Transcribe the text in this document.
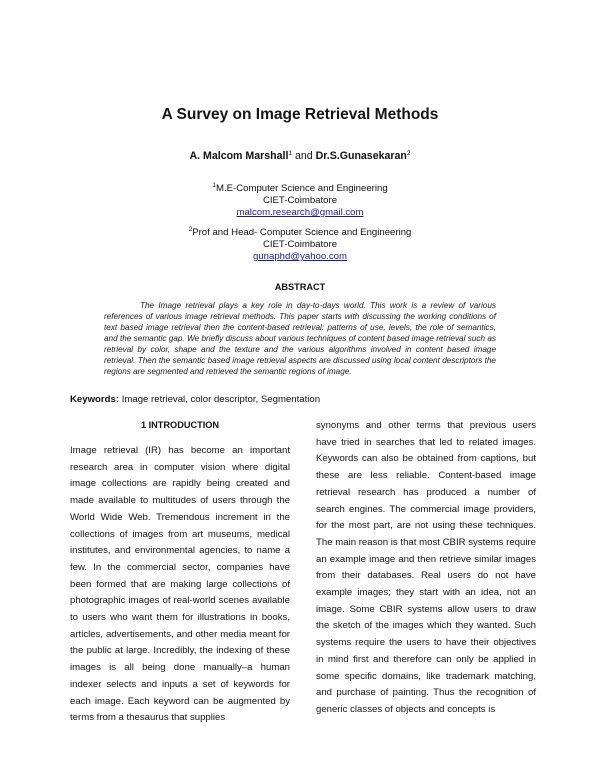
A Survey on Image Retrieval Methods
A. Malcom Marshall$^1$ and Dr.S.Gunasekaran$^2$
$^1$M.E-Computer Science and Engineering
CIET-Coimbatore
malcom.research@gmail.com
$^2$Prof and Head- Computer Science and Engineering
CIET-Coimbatore
gunaphd@yahoo.com
ABSTRACT
The Image retrieval plays a key role in day-to-days world. This work is a review of various references of various image retrieval methods. This paper starts with discussing the working conditions of text based image retrieval then the content-based retrieval: patterns of use, levels, the role of semantics, and the semantic gap. We briefly discuss about various techniques of content based image retrieval such as retrieval by color, shape and the texture and the various algorithms involved in content based image retrieval. Then the semantic based image retrieval aspects are discussed using local content descriptors the regions are segmented and retrieved the semantic regions of image.
Keywords: Image retrieval, color descriptor, Segmentation
1 INTRODUCTION

Image retrieval (IR) has become an important research area in computer vision where digital image collections are rapidly being created and made available to multitudes of users through the World Wide Web. Tremendous increment in the collections of images from art museums, medical institutes, and environmental agencies, to name a few. In the commercial sector, companies have been formed that are making large collections of photographic images of real-world scenes available to users who want them for illustrations in books, articles, advertisements, and other media meant for the public at large. Incredibly, the indexing of these images is all being done manually–a human indexer selects and inputs a set of keywords for each image. Each keyword can be augmented by terms from a thesaurus that supplies

synonyms and other terms that previous users have tried in searches that led to related images. Keywords can also be obtained from captions, but these are less reliable. Content-based image retrieval research has produced a number of search engines. The commercial image providers, for the most part, are not using these techniques. The main reason is that most CBIR systems require an example image and then retrieve similar images from their databases. Real users do not have example images; they start with an idea, not an image. Some CBIR systems allow users to draw the sketch of the images which they wanted. Such systems require the users to have their objectives in mind first and therefore can only be applied in some specific domains, like trademark matching, and purchase of painting. Thus the recognition of generic classes of objects and concepts is
